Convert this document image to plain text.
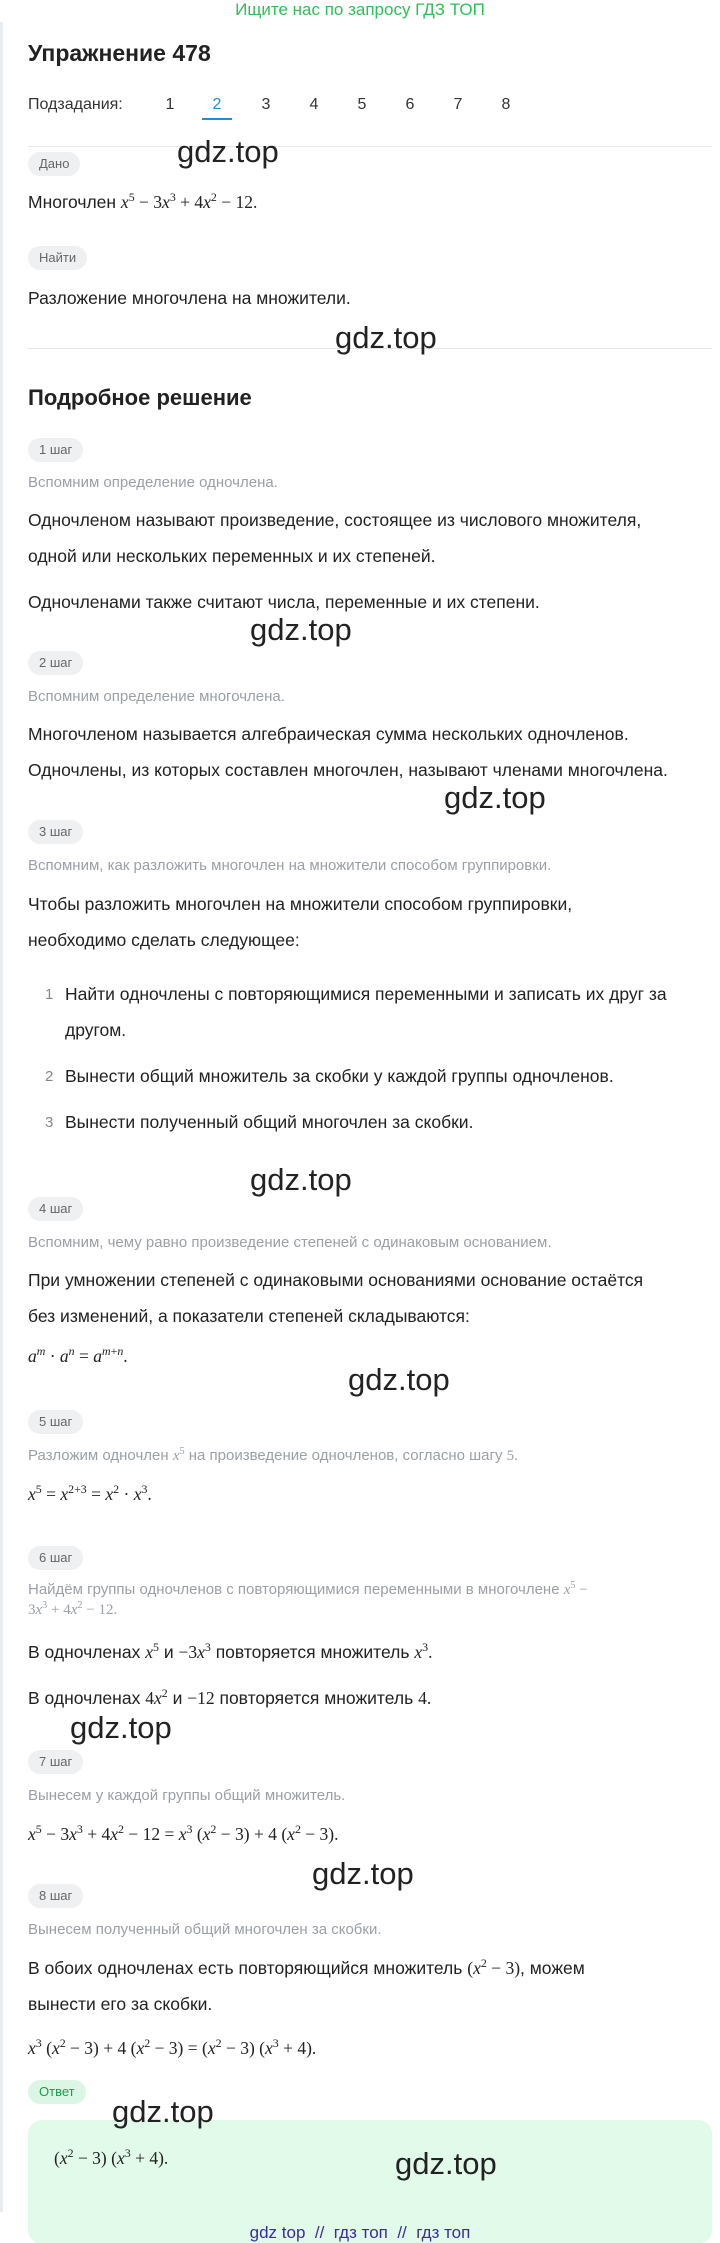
Ищите нас по запросу ГДЗ ТОП
Упражнение 478
Подзадания:	1	2	3	4	5	6	7	8
Дано
Многочлен $x^5 - 3x^3 + 4x^2 - 12$.
Найти
Разложение многочлена на множители.
Подробное решение
1 шаг
Вспомним определение одночлена.
Одночленом называют произведение, состоящее из числового множителя,
одной или нескольких переменных и их степеней.
Одночленами также считают числа, переменные и их степени.
2 шаг
Вспомним определение многочлена.
Многочленом называется алгебраическая сумма нескольких одночленов.
Одночлены, из которых составлен многочлен, называют членами многочлена.
3 шаг
Вспомним, как разложить многочлен на множители способом группировки.
Чтобы разложить многочлен на множители способом группировки,
необходимо сделать следующее:
1 Найти одночлены с повторяющимися переменными и записать их друг за
другом.
2 Вынести общий множитель за скобки у каждой группы одночленов.
3 Вынести полученный общий многочлен за скобки.
4 шаг
Вспомним, чему равно произведение степеней с одинаковым основанием.
При умножении степеней с одинаковыми основаниями основание остаётся
без изменений, а показатели степеней складываются:
$a^m \cdot a^n = a^{m+n}$.
5 шаг
Разложим одночлен $x^5$ на произведение одночленов, согласно шагу 5.
$x^5 = x^{2+3} = x^2 \cdot x^3$.
6 шаг
Найдём группы одночленов с повторяющимися переменными в многочлене $x^5$ −
$3x^3 + 4x^2 - 12$.
В одночленах $x^5$ $и -3x^3$ повторяется множитель $x^3$.
В одночленах $4x^2$ и −12 повторяется множитель 4.
7 шаг
Вынесем у каждой группы общий множитель.
$x^5 - 3x^3 + 4x^2 - 12 = x^3$ $(x^2 - 3) + 4$ $(x^2 - 3)$.
8 шаг
Вынесем полученный общий многочлен за скобки.
В обоих одночленах есть повторяющийся множитель $(x^2 - 3)$, можем
вынести его за скобки.
$x^3$ $(x^2 - 3) + 4$ $(x^2 - 3) = (x^2 - 3) (x^3 + 4)$.
Ответ
$(x^2 - 3) (x^3 + 4)$.
gdz.top
gdz.top
gdz.top
gdz.top
gdz.top
gdz.top
gdz.top
gdz.top
gdz.top
gdz.top
gdz top  //  гдз топ  //  гдз топ
